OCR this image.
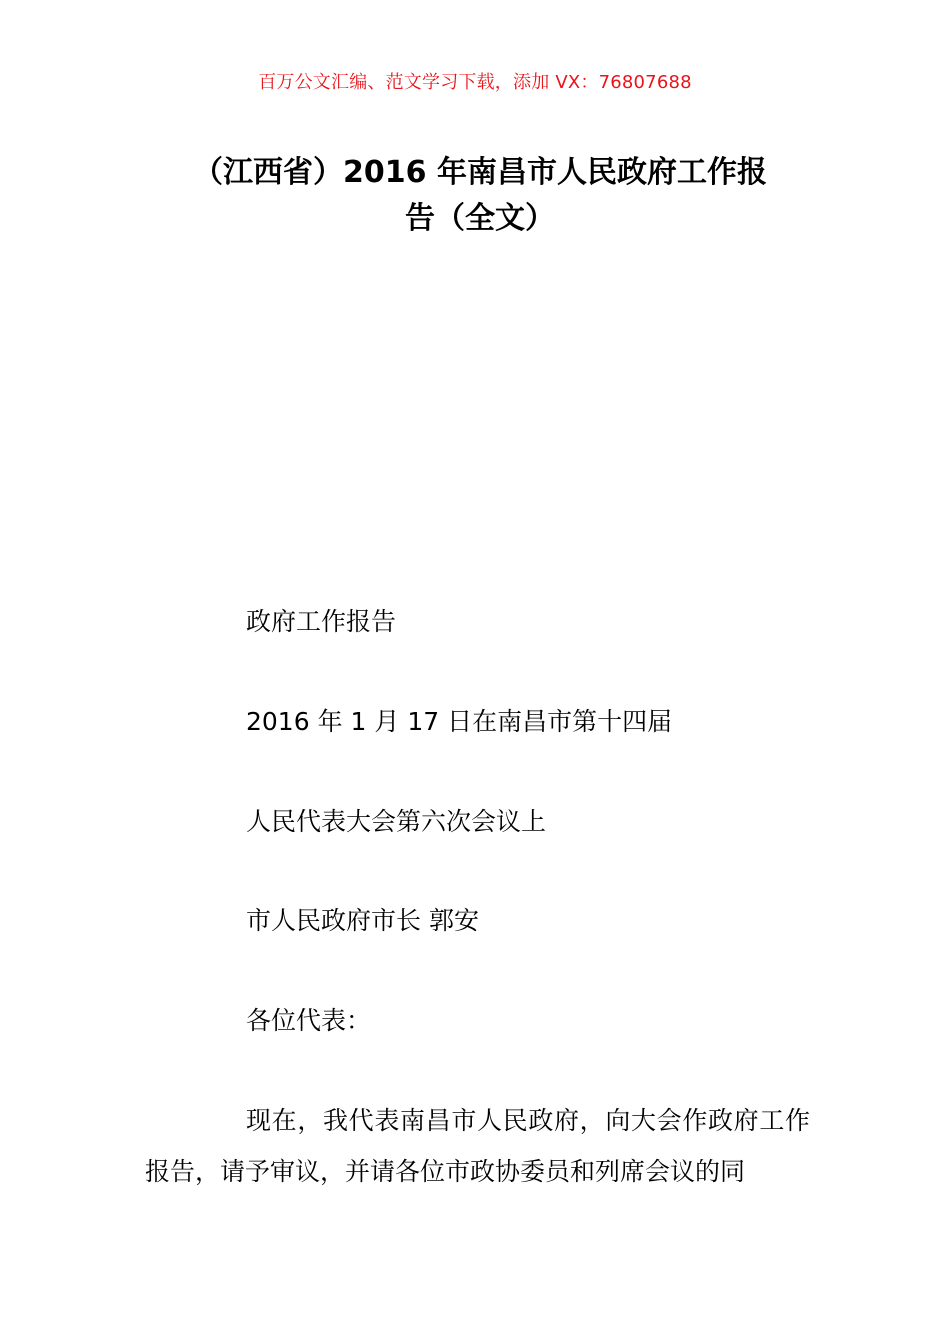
百万公文汇编、范文学习下载，添加 VX：76807688
（江西省）2016 年南昌市人民政府工作报
告（全文）
政府工作报告
2016 年 1 月 17 日在南昌市第十四届
人民代表大会第六次会议上
市人民政府市长 郭安
各位代表：
现在，我代表南昌市人民政府，向大会作政府工作报告，请予审议，并请各位市政协委员和列席会议的同
